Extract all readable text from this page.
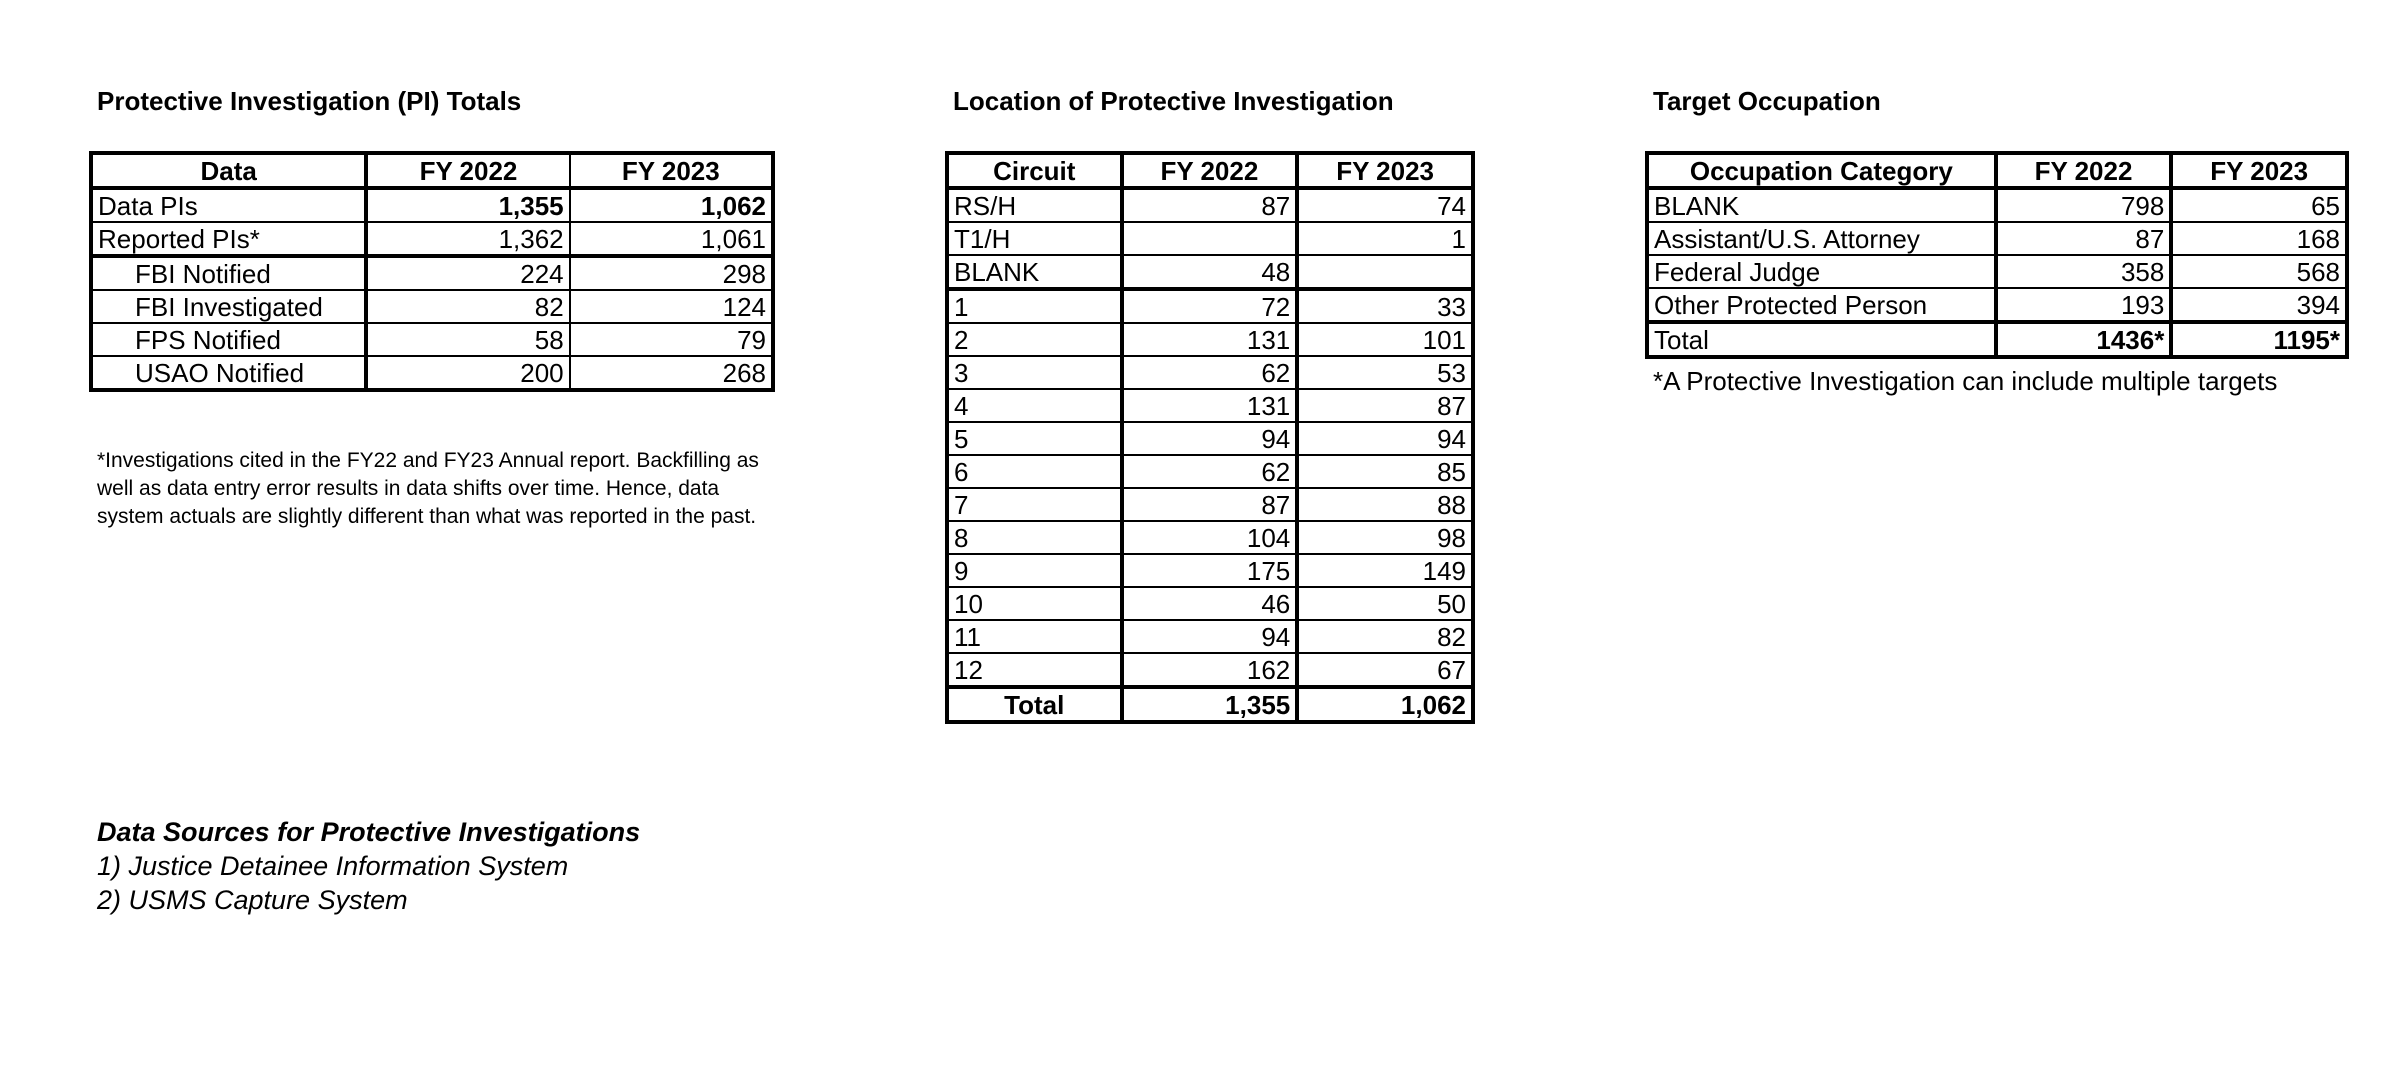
Protective Investigation (PI) Totals
Data	FY 2022	FY 2023
Data PIs	1,355	1,062
Reported PIs*	1,362	1,061
FBI Notified	224	298
FBI Investigated	82	124
FPS Notified	58	79
USAO Notified	200	268
*Investigations cited in the FY22 and FY23 Annual report. Backfilling as well as data entry error results in data shifts over time. Hence, data system actuals are slightly different than what was reported in the past.
Location of Protective Investigation
Circuit	FY 2022	FY 2023
RS/H	87	74
T1/H		1
BLANK	48	
1	72	33
2	131	101
3	62	53
4	131	87
5	94	94
6	62	85
7	87	88
8	104	98
9	175	149
10	46	50
11	94	82
12	162	67
Total	1,355	1,062
Target Occupation
Occupation Category	FY 2022	FY 2023
BLANK	798	65
Assistant/U.S. Attorney	87	168
Federal Judge	358	568
Other Protected Person	193	394
Total	1436*	1195*
*A Protective Investigation can include multiple targets
Data Sources for Protective Investigations
1) Justice Detainee Information System
2) USMS Capture System
